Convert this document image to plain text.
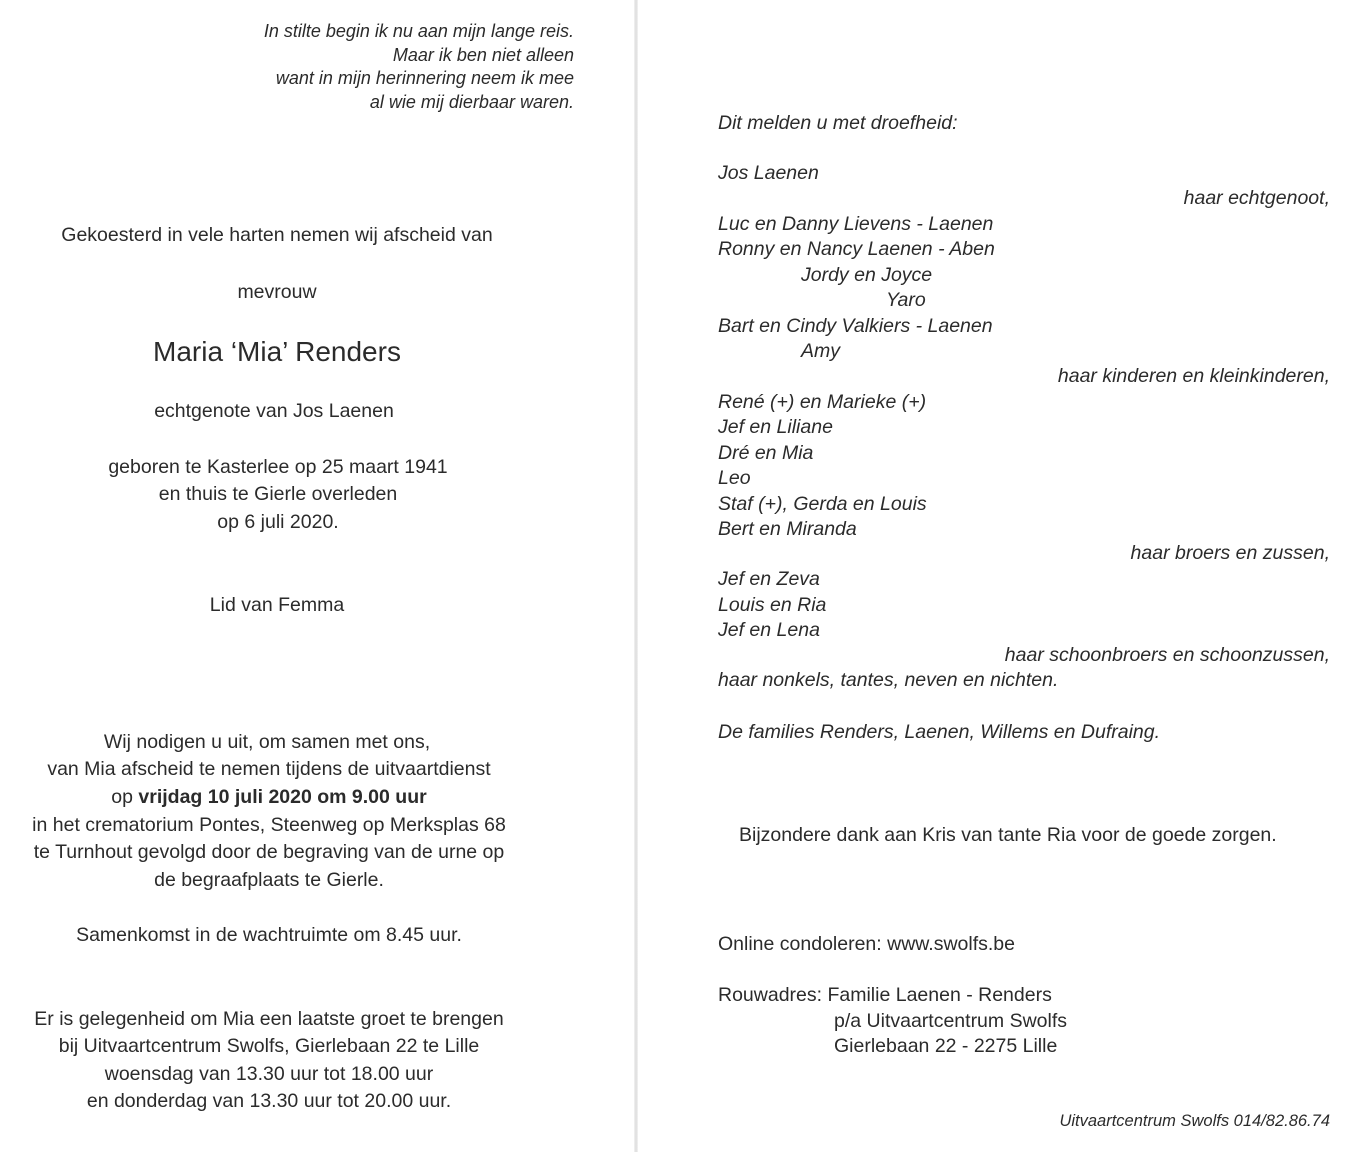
In stilte begin ik nu aan mijn lange reis.
Maar ik ben niet alleen
want in mijn herinnering neem ik mee
al wie mij dierbaar waren.
Gekoesterd in vele harten nemen wij afscheid van
mevrouw
Maria ‘Mia’ Renders
echtgenote van Jos Laenen
geboren te Kasterlee op 25 maart 1941
en thuis te Gierle overleden
op 6 juli 2020.
Lid van Femma
Wij nodigen u uit, om samen met ons,
van Mia afscheid te nemen tijdens de uitvaartdienst
op vrijdag 10 juli 2020 om 9.00 uur
in het crematorium Pontes, Steenweg op Merksplas 68
te Turnhout gevolgd door de begraving van de urne op
de begraafplaats te Gierle.
Samenkomst in de wachtruimte om 8.45 uur.
Er is gelegenheid om Mia een laatste groet te brengen
bij Uitvaartcentrum Swolfs, Gierlebaan 22 te Lille
woensdag van 13.30 uur tot 18.00 uur
en donderdag van 13.30 uur tot 20.00 uur.
Dit melden u met droefheid:
Jos Laenen
haar echtgenoot,
Luc en Danny Lievens - Laenen
Ronny en Nancy Laenen - Aben
Jordy en Joyce
Yaro
Bart en Cindy Valkiers - Laenen
Amy
haar kinderen en kleinkinderen,
René (+) en Marieke (+)
Jef en Liliane
Dré en Mia
Leo
Staf (+), Gerda en Louis
Bert en Miranda
haar broers en zussen,
Jef en Zeva
Louis en Ria
Jef en Lena
haar schoonbroers en schoonzussen,
haar nonkels, tantes, neven en nichten.
De families Renders, Laenen, Willems en Dufraing.
Bijzondere dank aan Kris van tante Ria voor de goede zorgen.
Online condoleren: www.swolfs.be
Rouwadres: Familie Laenen - Renders
p/a Uitvaartcentrum Swolfs
Gierlebaan 22 - 2275 Lille
Uitvaartcentrum Swolfs 014/82.86.74
